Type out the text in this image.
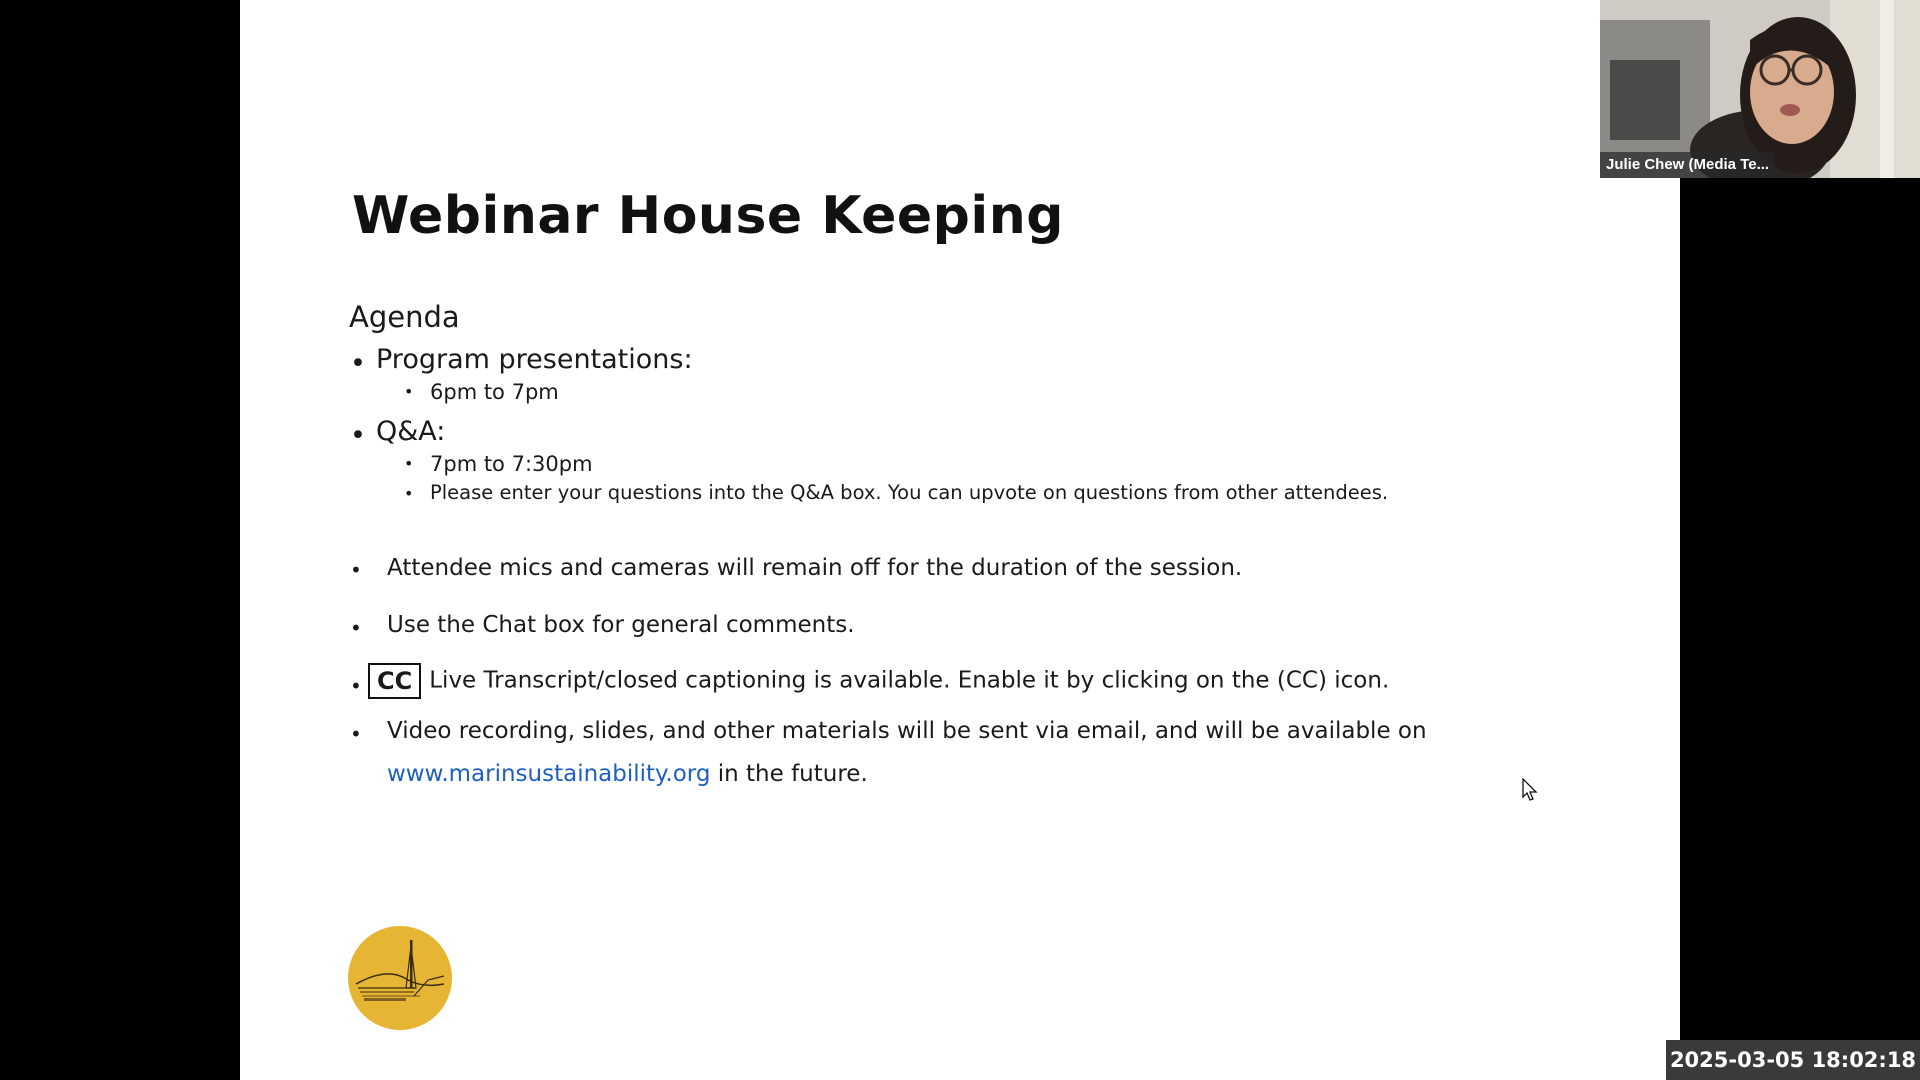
Webinar House Keeping
Agenda
• Program presentations:
• 6pm to 7pm
• Q&A:
• 7pm to 7:30pm
• Please enter your questions into the Q&A box. You can upvote on questions from other attendees.
• Attendee mics and cameras will remain off for the duration of the session.
• Use the Chat box for general comments.
• CC Live Transcript/closed captioning is available. Enable it by clicking on the (CC) icon.
• Video recording, slides, and other materials will be sent via email, and will be available on
www.marinsustainability.org in the future.
Julie Chew (Media Te...
2025-03-05 18:02:18
